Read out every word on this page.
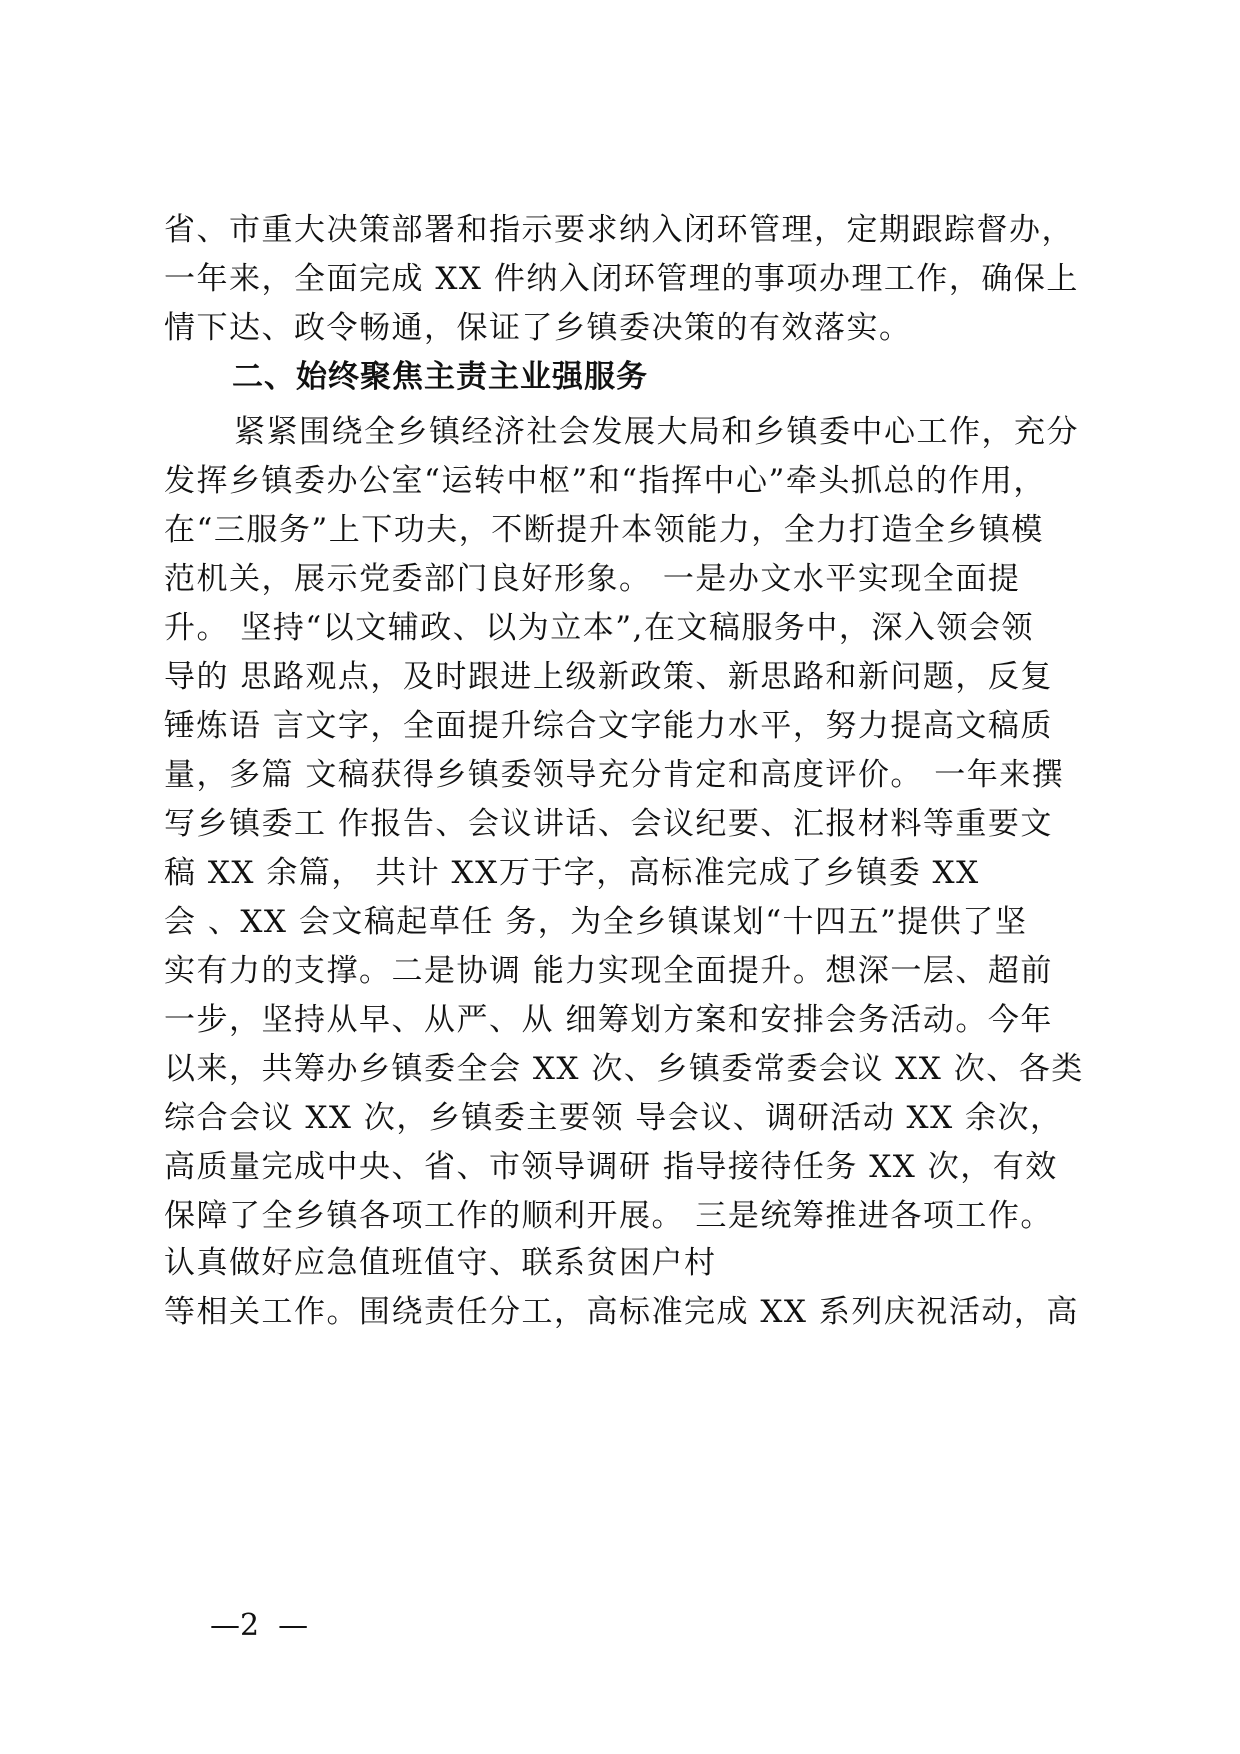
省、市重大决策部署和指示要求纳入闭环管理，定期跟踪督办，
一年来，全面完成 XX 件纳入闭环管理的事项办理工作，确保上
情下达、政令畅通，保证了乡镇委决策的有效落实。
二、始终聚焦主责主业强服务
紧紧围绕全乡镇经济社会发展大局和乡镇委中心工作，充分
发挥乡镇委办公室“运转中枢”和“指挥中心”牵头抓总的作用，
在“三服务”上下功夫，不断提升本领能力，全力打造全乡镇模
范机关，展示党委部门良好形象。 一是办文水平实现全面提
升。 坚持“以文辅政、以为立本”,在文稿服务中，深入领会领
导的 思路观点，及时跟进上级新政策、新思路和新问题，反复
锤炼语 言文字，全面提升综合文字能力水平，努力提高文稿质
量，多篇 文稿获得乡镇委领导充分肯定和高度评价。 一年来撰
写乡镇委工 作报告、会议讲话、会议纪要、汇报材料等重要文
稿 XX 余篇， 共计 XX万于字，高标准完成了乡镇委 XX
会 、XX 会文稿起草任 务，为全乡镇谋划“十四五”提供了坚
实有力的支撑。二是协调 能力实现全面提升。想深一层、超前
一步，坚持从早、从严、从 细筹划方案和安排会务活动。今年
以来，共筹办乡镇委全会 XX 次、乡镇委常委会议 XX 次、各类
综合会议 XX 次，乡镇委主要领 导会议、调研活动 XX 余次，
高质量完成中央、省、市领导调研 指导接待任务 XX 次，有效
保障了全乡镇各项工作的顺利开展。 三是统筹推进各项工作。
认真做好应急值班值守、联系贫困户村
等相关工作。围绕责任分工，高标准完成 XX 系列庆祝活动，高
—2  —
